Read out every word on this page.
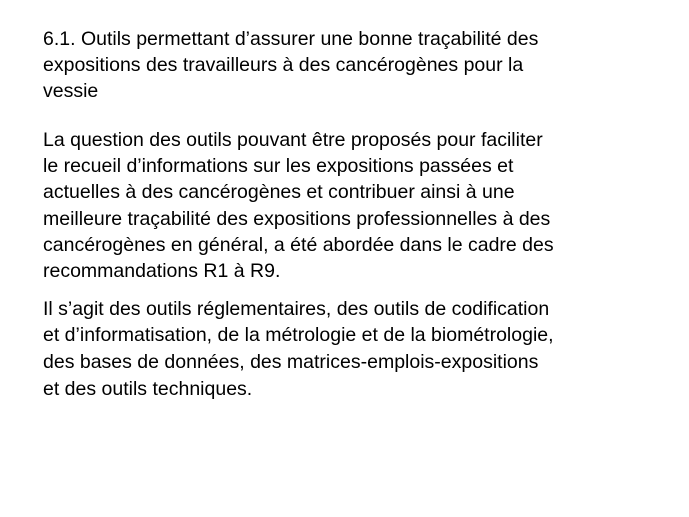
6.1. Outils permettant d’assurer une bonne traçabilité des
expositions des travailleurs à des cancérogènes pour la
vessie
La question des outils pouvant être proposés pour faciliter
le recueil d’informations sur les expositions passées et
actuelles à des cancérogènes et contribuer ainsi à une
meilleure traçabilité des expositions professionnelles à des
cancérogènes en général, a été abordée dans le cadre des
recommandations R1 à R9.
Il s’agit des outils réglementaires, des outils de codification
et d’informatisation, de la métrologie et de la biométrologie,
des bases de données, des matrices-emplois-expositions
et des outils techniques.
